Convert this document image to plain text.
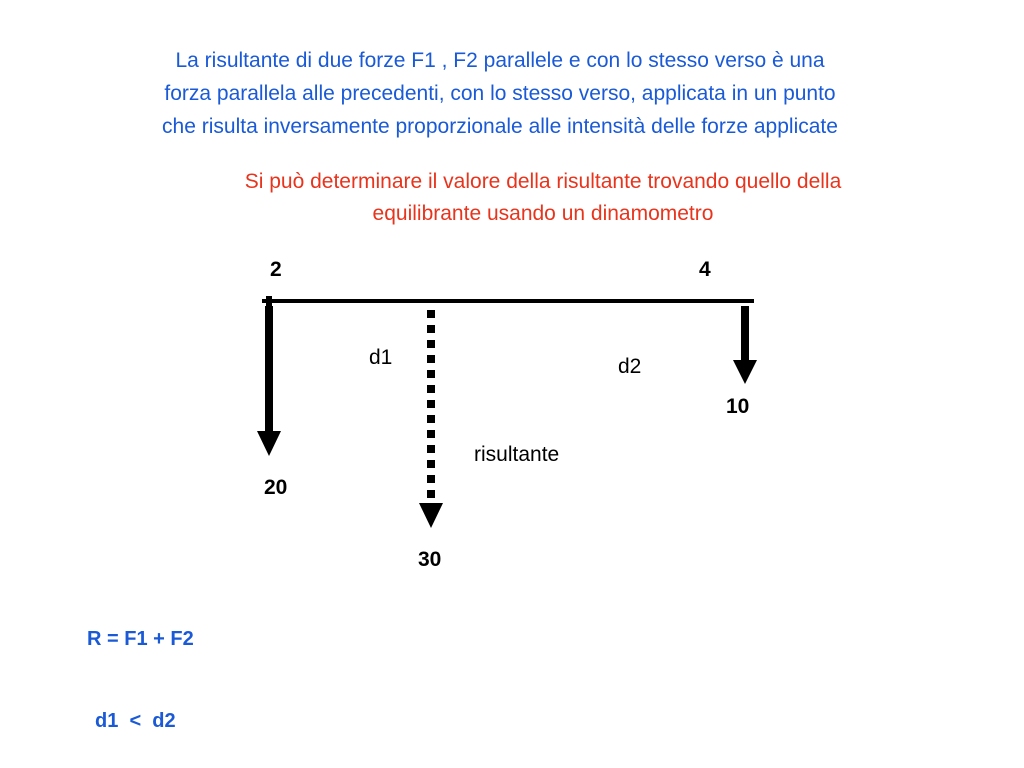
La risultante di due forze F1 , F2 parallele e con lo stesso verso è una
forza parallela alle precedenti, con lo stesso verso, applicata in un punto
che risulta inversamente proporzionale alle intensità delle forze applicate

Si può determinare il valore della risultante trovando quello della
equilibrante usando un dinamometro

2	4
d1	d2
10
risultante
20
30
R = F1 + F2
d1  <  d2
